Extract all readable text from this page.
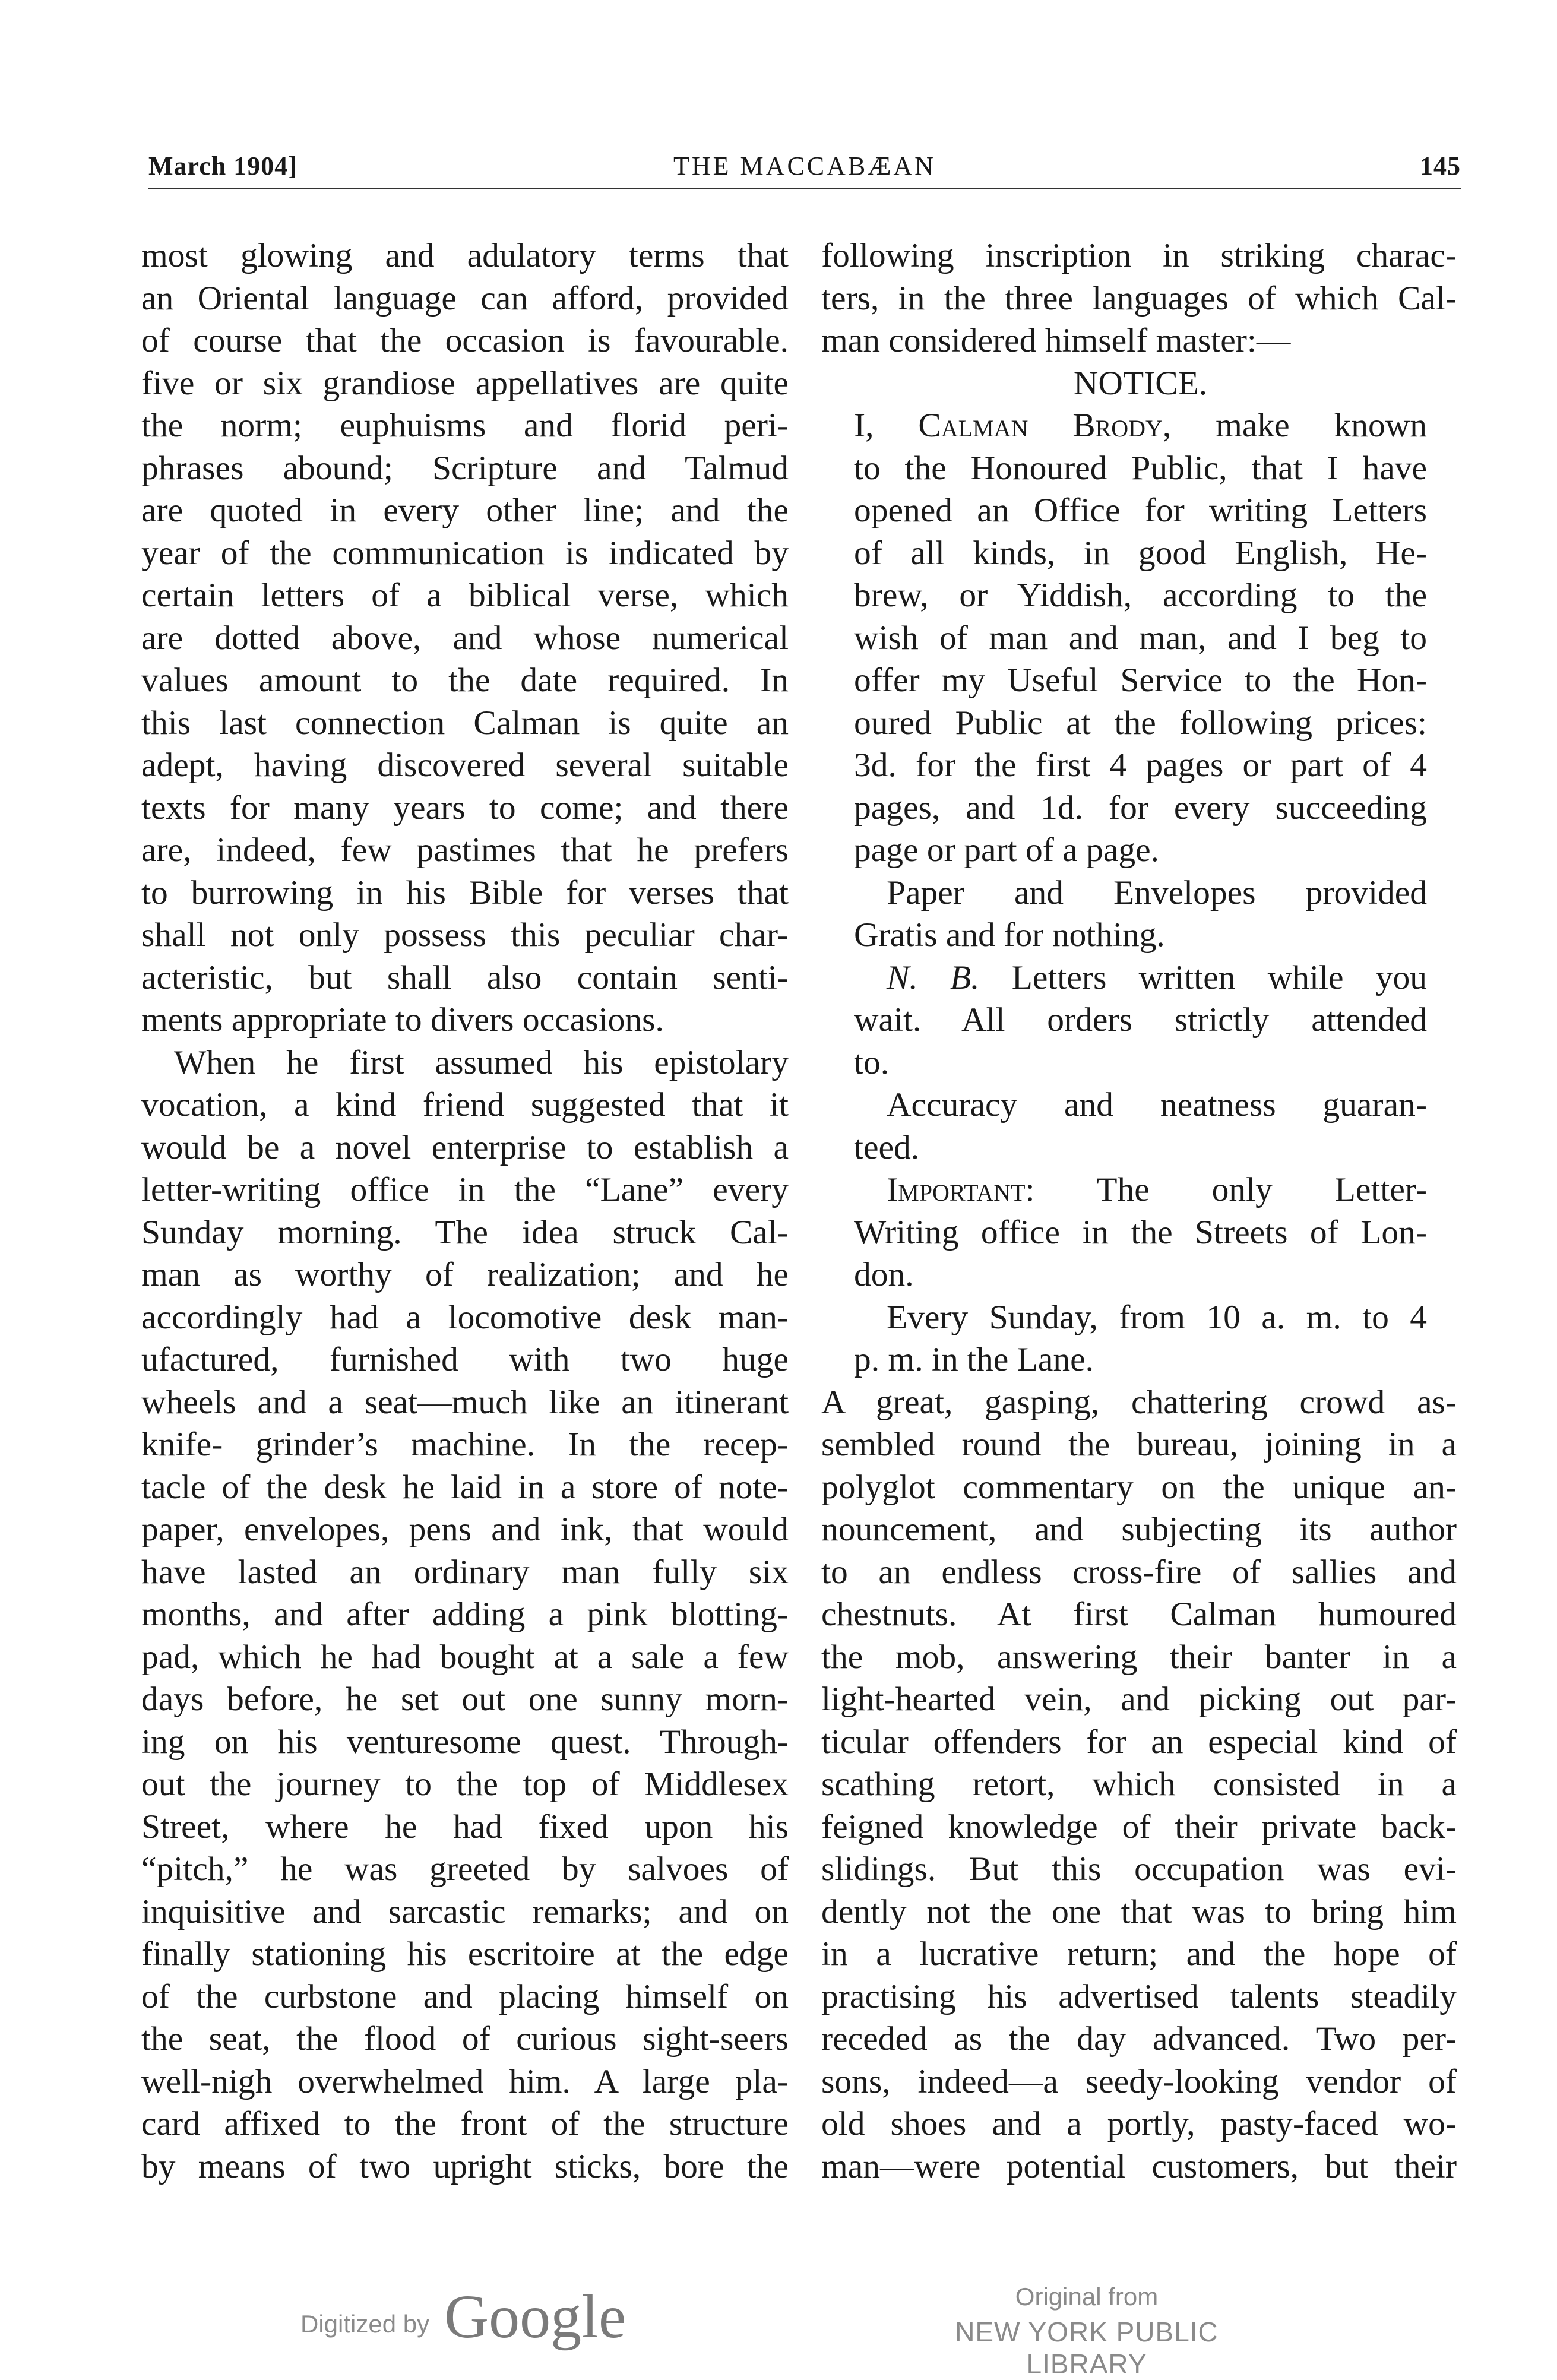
March 1904]	THE MACCABÆAN	145

most glowing and adulatory terms that

an Oriental language can afford, provided

of course that the occasion is favourable.

five or six grandiose appellatives are quite

the norm; euphuisms and florid peri-

phrases abound; Scripture and Talmud

are quoted in every other line; and the

year of the communication is indicated by

certain letters of a biblical verse, which

are dotted above, and whose numerical

values amount to the date required. In

this last connection Calman is quite an

adept, having discovered several suitable

texts for many years to come; and there

are, indeed, few pastimes that he prefers

to burrowing in his Bible for verses that

shall not only possess this peculiar char-

acteristic, but shall also contain senti-

ments appropriate to divers occasions.

When he first assumed his epistolary

vocation, a kind friend suggested that it

would be a novel enterprise to establish a

letter-writing office in the “Lane” every

Sunday morning. The idea struck Cal-

man as worthy of realization; and he

accordingly had a locomotive desk man-

ufactured, furnished with two huge

wheels and a seat—much like an itinerant

knife- grinder’s machine. In the recep-

tacle of the desk he laid in a store of note-

paper, envelopes, pens and ink, that would

have lasted an ordinary man fully six

months, and after adding a pink blotting-

pad, which he had bought at a sale a few

days before, he set out one sunny morn-

ing on his venturesome quest. Through-

out the journey to the top of Middlesex

Street, where he had fixed upon his

“pitch,” he was greeted by salvoes of

inquisitive and sarcastic remarks; and on

finally stationing his escritoire at the edge

of the curbstone and placing himself on

the seat, the flood of curious sight-seers

well-nigh overwhelmed him. A large pla-

card affixed to the front of the structure

by means of two upright sticks, bore the

following inscription in striking charac-

ters, in the three languages of which Cal-

man considered himself master:—

NOTICE.

I, Calman Brody, make known

to the Honoured Public, that I have

opened an Office for writing Letters

of all kinds, in good English, He-

brew, or Yiddish, according to the

wish of man and man, and I beg to

offer my Useful Service to the Hon-

oured Public at the following prices:

3d. for the first 4 pages or part of 4

pages, and 1d. for every succeeding

page or part of a page.

Paper and Envelopes provided

Gratis and for nothing.

N. B. Letters written while you

wait. All orders strictly attended

to.

Accuracy and neatness guaran-

teed.

Important: The only Letter-

Writing office in the Streets of Lon-

don.

Every Sunday, from 10 a. m. to 4

p. m. in the Lane.

A great, gasping, chattering crowd as-

sembled round the bureau, joining in a

polyglot commentary on the unique an-

nouncement, and subjecting its author

to an endless cross-fire of sallies and

chestnuts. At first Calman humoured

the mob, answering their banter in a

light-hearted vein, and picking out par-

ticular offenders for an especial kind of

scathing retort, which consisted in a

feigned knowledge of their private back-

slidings. But this occupation was evi-

dently not the one that was to bring him

in a lucrative return; and the hope of

practising his advertised talents steadily

receded as the day advanced. Two per-

sons, indeed—a seedy-looking vendor of

old shoes and a portly, pasty-faced wo-

man—were potential customers, but their

Digitized by Google	Original from
NEW YORK PUBLIC LIBRARY
